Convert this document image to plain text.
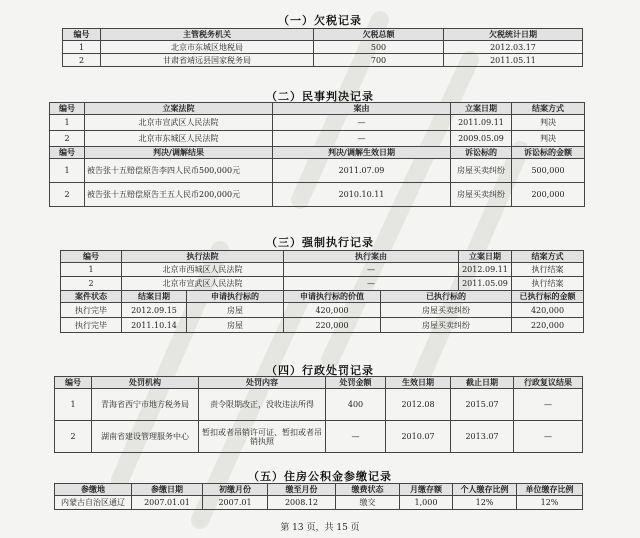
（一）欠税记录
编号	主管税务机关	欠税总额	欠税统计日期
1	北京市东城区地税局	500	2012.03.17
2	甘肃省靖远县国家税务局	700	2011.05.11
（二）民事判决记录
编号	立案法院	案由	立案日期	结案方式
1	北京市宣武区人民法院	—	2011.09.11	判决
2	北京市东城区人民法院	—	2009.05.09	判决
编号	判决/调解结果	判决/调解生效日期	诉讼标的	诉讼标的金额
1	被告张十五赔偿原告李四人民币500,000元	2011.07.09	房屋买卖纠纷	500,000
2	被告张十五赔偿原告王五人民币200,000元	2010.10.11	房屋买卖纠纷	200,000
（三）强制执行记录
编号	执行法院		执行案由		立案日期	结案方式
1	北京市西城区人民法院		—		2012.09.11	执行结案
2	北京市宣武区人民法院		—		2011.05.09	执行结案
案件状态	结案日期	申请执行标的	申请执行标的价值	已执行标的		已执行标的金额
执行完毕	2012.09.15	房屋	420,000	房屋买卖纠纷		420,000
执行完毕	2011.10.14	房屋	220,000	房屋买卖纠纷		220,000
（四）行政处罚记录
编号	处罚机构	处罚内容	处罚金额	生效日期	截止日期	行政复议结果
1	青海省西宁市地方税务局	责令限期改正，没收违法所得	400	2012.08	2015.07	—
2	湖南省建设管理服务中心	暂扣或者吊销许可证、暂扣或者吊销执照	—	2010.07	2013.07	—
（五）住房公积金参缴记录
参缴地	参缴日期	初缴月份	缴至月份	缴费状态	月缴存额	个人缴存比例	单位缴存比例
内蒙古自治区通辽	2007.01.01	2007.01	2008.12	缴交	1,000	12%	12%
第 13 页，共 15 页
